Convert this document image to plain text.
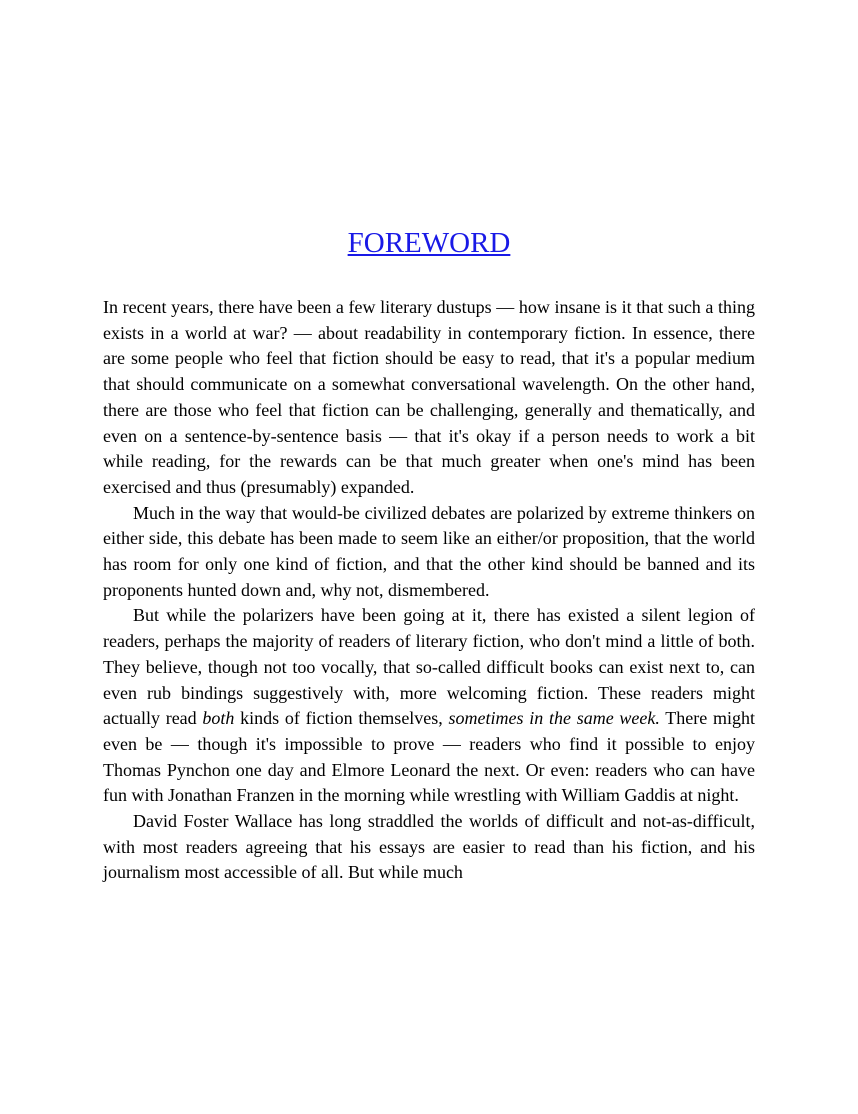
FOREWORD

In recent years, there have been a few literary dustups — how insane is it that such a thing exists in a world at war? — about readability in contemporary fiction. In essence, there are some people who feel that fiction should be easy to read, that it's a popular medium that should communicate on a somewhat conversational wavelength. On the other hand, there are those who feel that fiction can be challenging, generally and thematically, and even on a sentence-by-sentence basis — that it's okay if a person needs to work a bit while reading, for the rewards can be that much greater when one's mind has been exercised and thus (presumably) expanded.

Much in the way that would-be civilized debates are polarized by extreme thinkers on either side, this debate has been made to seem like an either/or proposition, that the world has room for only one kind of fiction, and that the other kind should be banned and its proponents hunted down and, why not, dismembered.

But while the polarizers have been going at it, there has existed a silent legion of readers, perhaps the majority of readers of literary fiction, who don't mind a little of both. They believe, though not too vocally, that so-called difficult books can exist next to, can even rub bindings suggestively with, more welcoming fiction. These readers might actually read both kinds of fiction themselves, sometimes in the same week. There might even be — though it's impossible to prove — readers who find it possible to enjoy Thomas Pynchon one day and Elmore Leonard the next. Or even: readers who can have fun with Jonathan Franzen in the morning while wrestling with William Gaddis at night.

David Foster Wallace has long straddled the worlds of difficult and not-as-difficult, with most readers agreeing that his essays are easier to read than his fiction, and his journalism most accessible of all. But while much
